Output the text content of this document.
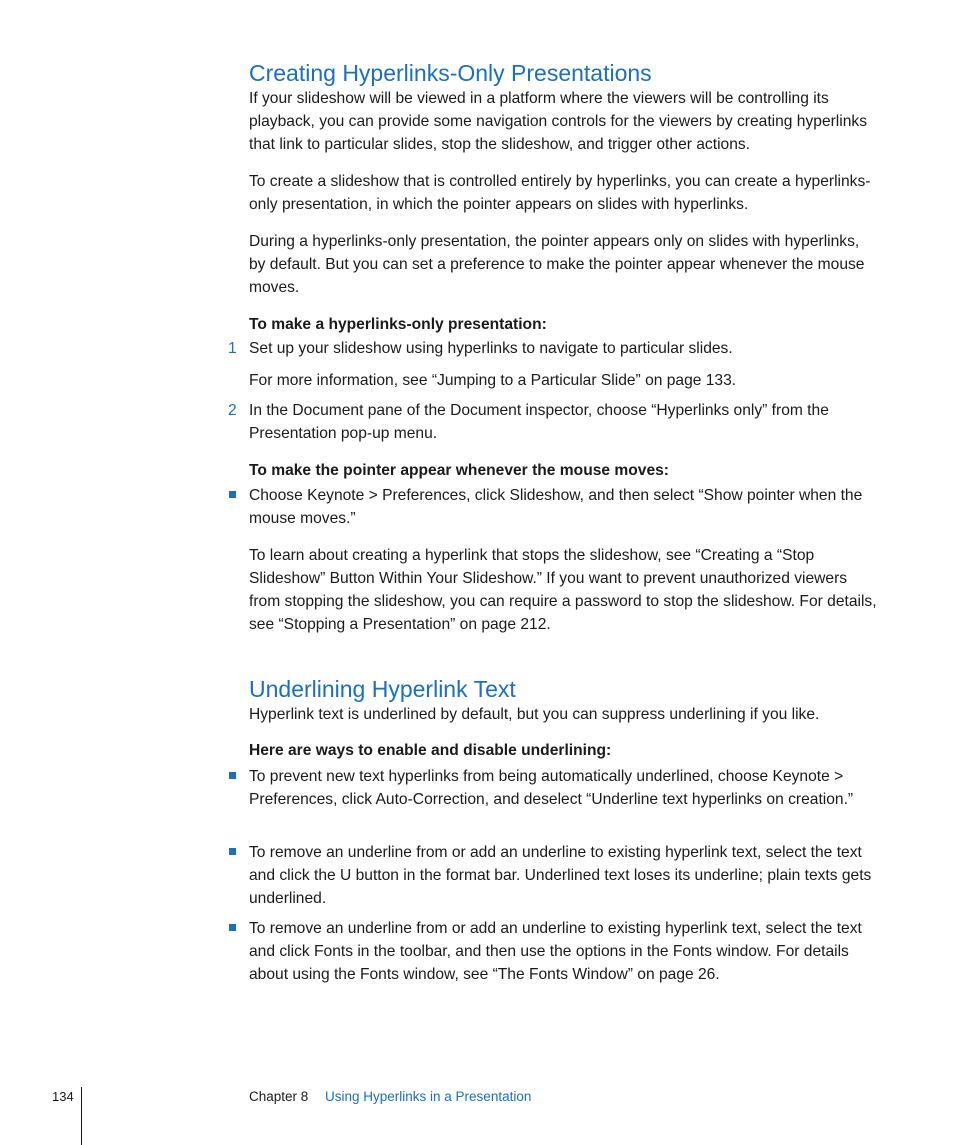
Creating Hyperlinks-Only Presentations

If your slideshow will be viewed in a platform where the viewers will be controlling its playback, you can provide some navigation controls for the viewers by creating hyperlinks that link to particular slides, stop the slideshow, and trigger other actions.

To create a slideshow that is controlled entirely by hyperlinks, you can create a hyperlinks-only presentation, in which the pointer appears on slides with hyperlinks.

During a hyperlinks-only presentation, the pointer appears only on slides with hyperlinks, by default. But you can set a preference to make the pointer appear whenever the mouse moves.

To make a hyperlinks-only presentation:

1 Set up your slideshow using hyperlinks to navigate to particular slides.

For more information, see “Jumping to a Particular Slide” on page 133.

2 In the Document pane of the Document inspector, choose “Hyperlinks only” from the Presentation pop-up menu.

To make the pointer appear whenever the mouse moves:

Choose Keynote > Preferences, click Slideshow, and then select “Show pointer when the mouse moves.”

To learn about creating a hyperlink that stops the slideshow, see “Creating a “Stop Slideshow” Button Within Your Slideshow.” If you want to prevent unauthorized viewers from stopping the slideshow, you can require a password to stop the slideshow. For details, see “Stopping a Presentation” on page 212.

Underlining Hyperlink Text

Hyperlink text is underlined by default, but you can suppress underlining if you like.

Here are ways to enable and disable underlining:

To prevent new text hyperlinks from being automatically underlined, choose Keynote > Preferences, click Auto-Correction, and deselect “Underline text hyperlinks on creation.”

To remove an underline from or add an underline to existing hyperlink text, select the text and click the U button in the format bar. Underlined text loses its underline; plain texts gets underlined.

To remove an underline from or add an underline to existing hyperlink text, select the text and click Fonts in the toolbar, and then use the options in the Fonts window. For details about using the Fonts window, see “The Fonts Window” on page 26.

134	Chapter 8 Using Hyperlinks in a Presentation
